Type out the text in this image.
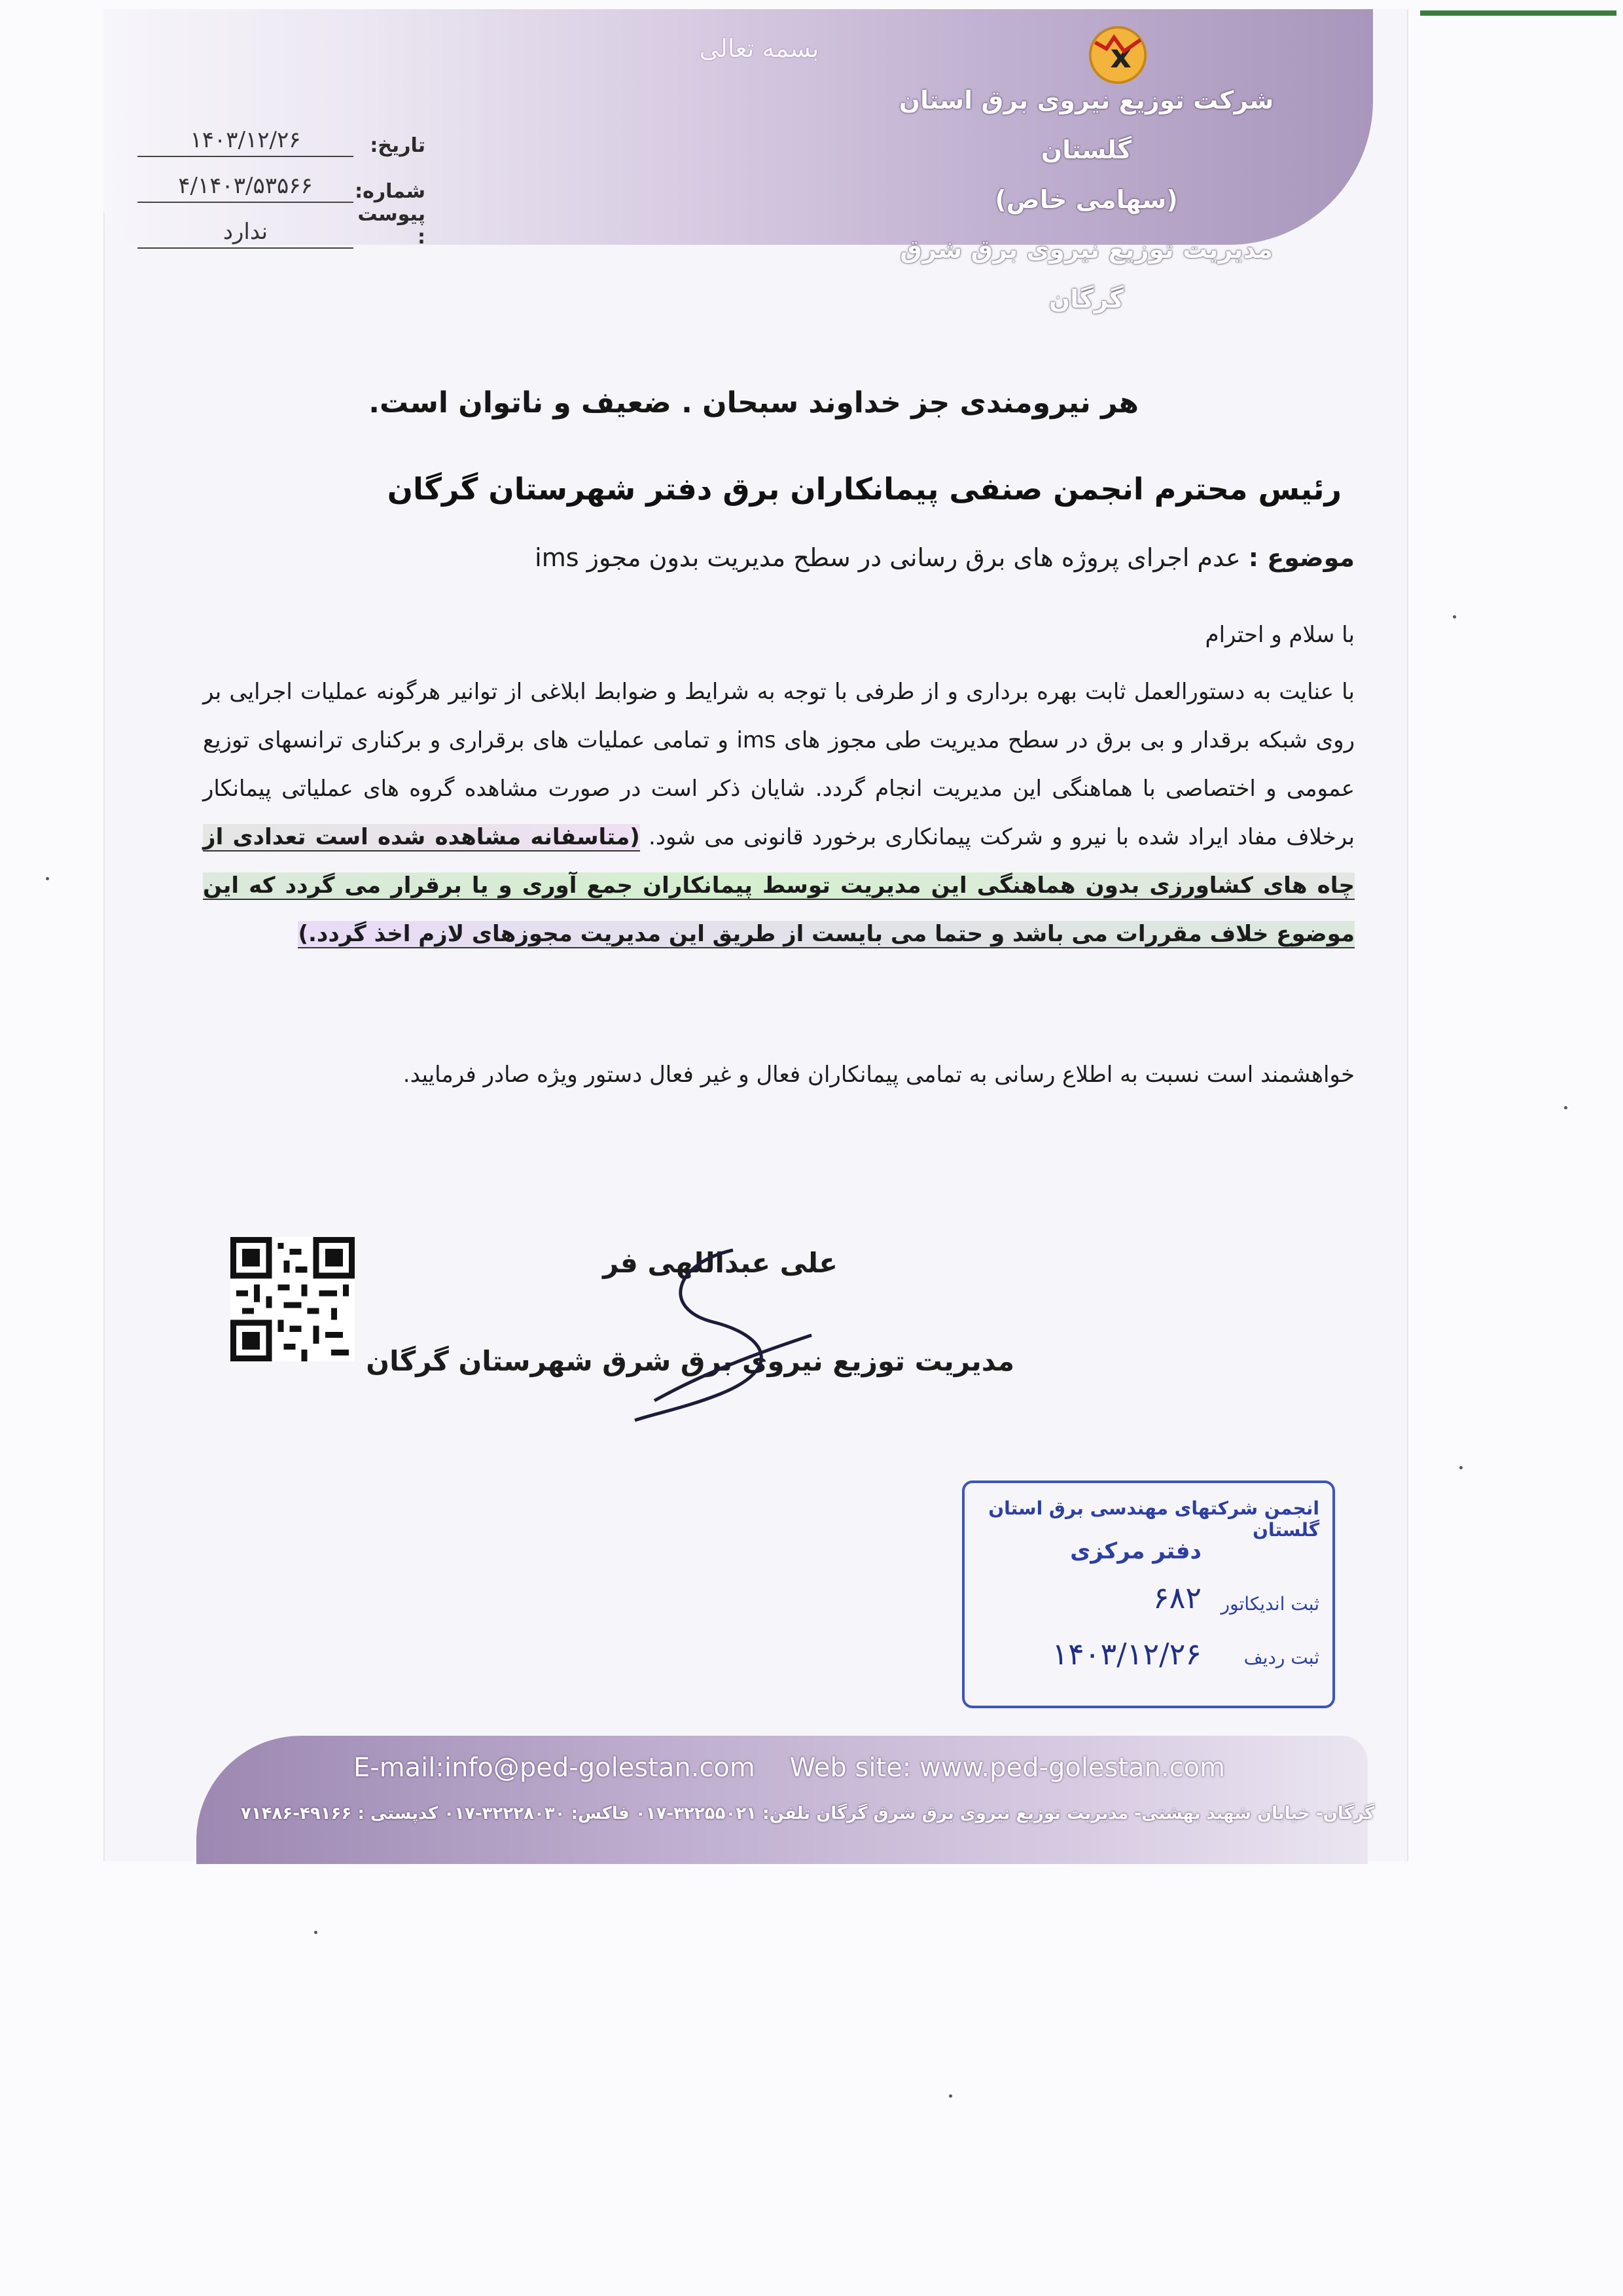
بسمه تعالی	x
شرکت توزیع نیروی برق استان گلستان
(سهامی خاص)
مدیریت توزیع نیروی برق شرق گرگان
تاریخ:
۱۴۰۳/۱۲/۲۶
شماره:
۴/۱۴۰۳/۵۳۵۶۶
پیوست :
ندارد
هر نیرومندی جز خداوند سبحان . ضعیف و ناتوان است.
رئیس محترم انجمن صنفی پیمانکاران برق دفتر شهرستان گرگان
موضوع : عدم اجرای پروژه های برق رسانی در سطح مدیریت بدون مجوز ims
با سلام و احترام
با عنایت به دستورالعمل ثابت بهره برداری و از طرفی با توجه به شرایط و ضوابط ابلاغی از توانیر هرگونه عملیات اجرایی بر روی شبکه برقدار و بی برق در سطح مدیریت طی مجوز های ims و تمامی عملیات های برقراری و برکناری ترانسهای توزیع عمومی و اختصاصی با هماهنگی این مدیریت انجام گردد. شایان ذکر است در صورت مشاهده گروه های عملیاتی پیمانکار برخلاف مفاد ایراد شده با نیرو و شرکت پیمانکاری برخورد قانونی می شود. (متاسفانه مشاهده شده است تعدادی از چاه های کشاورزی بدون هماهنگی این مدیریت توسط پیمانکاران جمع آوری و یا برقرار می گردد که این موضوع خلاف مقررات می باشد و حتما می بایست از طریق این مدیریت مجوزهای لازم اخذ گردد.)
خواهشمند است نسبت به اطلاع رسانی به تمامی پیمانکاران فعال و غیر فعال دستور ویژه صادر فرمایید.
علی عبداللهی فر
مدیریت توزیع نیروی برق شرق شهرستان گرگان
انجمن شرکتهای مهندسی برق استان گلستان
دفتر مرکزی
ثبت اندیکاتور
۶۸۲
ثبت ردیف
۱۴۰۳/۱۲/۲۶
E-mail:info@ped-golestan.com Web site: www.ped-golestan.com
گرگان- خیابان شهید بهشتی- مدیریت توزیع نیروی برق شرق گرگان تلفن: ۳۲۲۵۵۰۲۱-۰۱۷ فاکس: ۳۲۲۲۸۰۳۰-۰۱۷ کدپستی : ۴۹۱۶۶-۷۱۴۸۶
